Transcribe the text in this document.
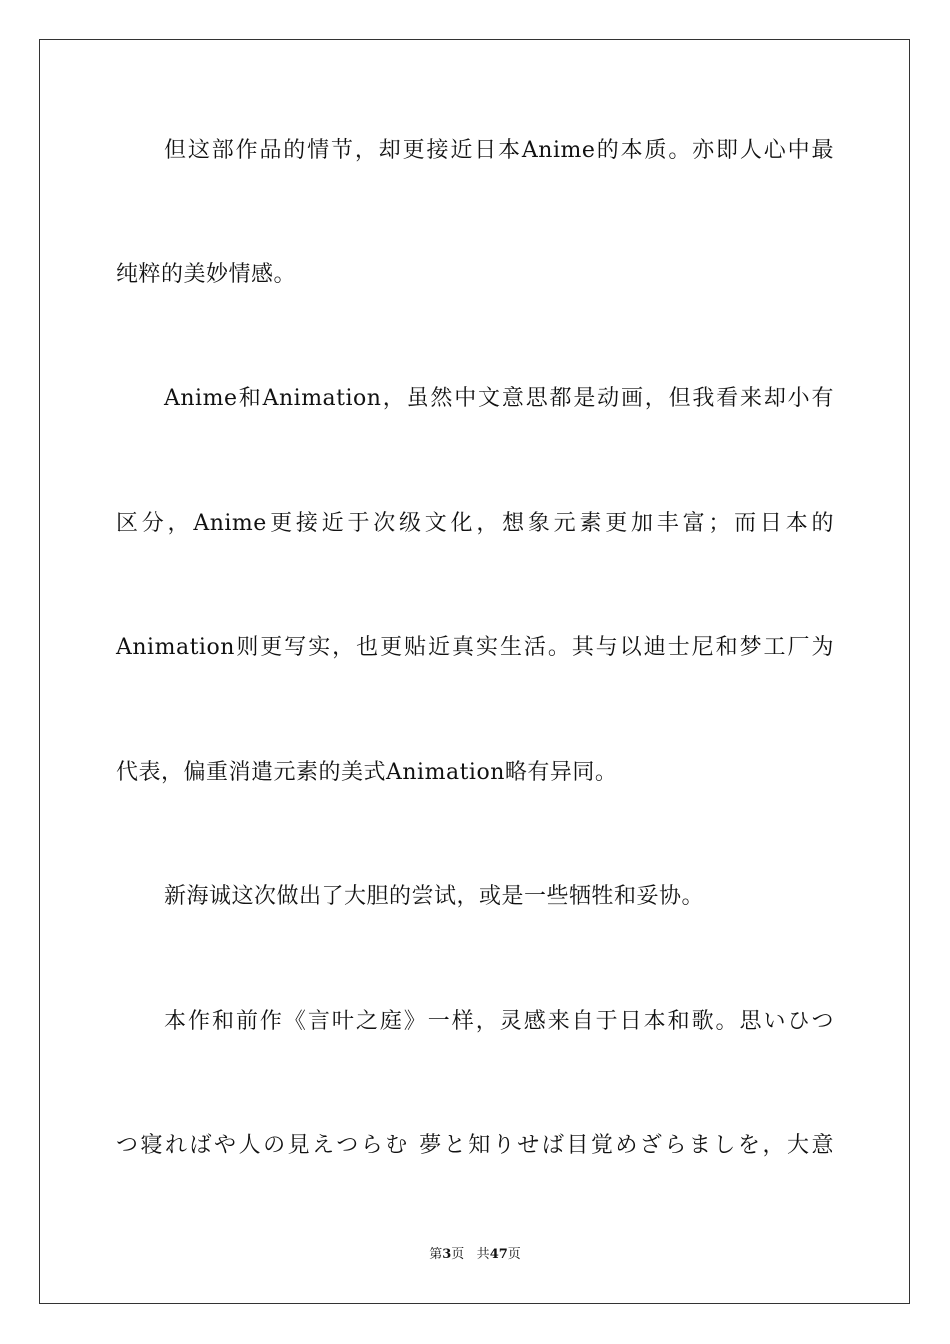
但这部作品的情节，却更接近日本Anime的本质。亦即人心中最
纯粹的美妙情感。
Anime和Animation，虽然中文意思都是动画，但我看来却小有
区分，Anime更接近于次级文化，想象元素更加丰富；而日本的
Animation则更写实，也更贴近真实生活。其与以迪士尼和梦工厂为
代表，偏重消遣元素的美式Animation略有异同。
新海诚这次做出了大胆的尝试，或是一些牺牲和妥协。
本作和前作《言叶之庭》一样，灵感来自于日本和歌。思いひつ
つ寝ればや人の見えつらむ 夢と知りせば目覚めざらましを，大意
第3页 共47页
